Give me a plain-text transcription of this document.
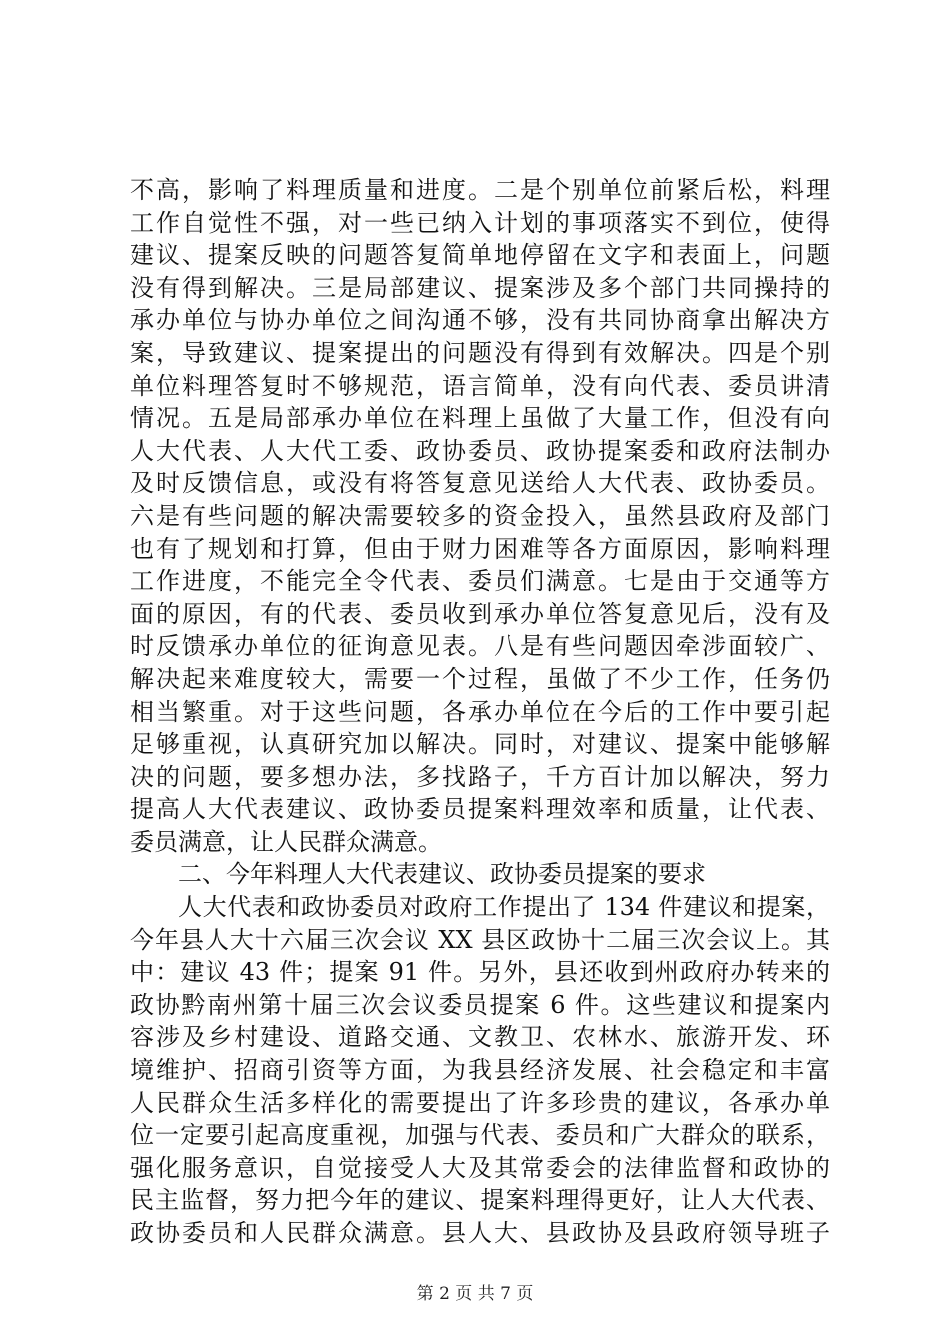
不高，影响了料理质量和进度。二是个别单位前紧后松，料理
工作自觉性不强，对一些已纳入计划的事项落实不到位，使得
建议、提案反映的问题答复简单地停留在文字和表面上，问题
没有得到解决。三是局部建议、提案涉及多个部门共同操持的
承办单位与协办单位之间沟通不够，没有共同协商拿出解决方
案，导致建议、提案提出的问题没有得到有效解决。四是个别
单位料理答复时不够规范，语言简单，没有向代表、委员讲清
情况。五是局部承办单位在料理上虽做了大量工作，但没有向
人大代表、人大代工委、政协委员、政协提案委和政府法制办
及时反馈信息，或没有将答复意见送给人大代表、政协委员。
六是有些问题的解决需要较多的资金投入，虽然县政府及部门
也有了规划和打算，但由于财力困难等各方面原因，影响料理
工作进度，不能完全令代表、委员们满意。七是由于交通等方
面的原因，有的代表、委员收到承办单位答复意见后，没有及
时反馈承办单位的征询意见表。八是有些问题因牵涉面较广、
解决起来难度较大，需要一个过程，虽做了不少工作，任务仍
相当繁重。对于这些问题，各承办单位在今后的工作中要引起
足够重视，认真研究加以解决。同时，对建议、提案中能够解
决的问题，要多想办法，多找路子，千方百计加以解决，努力
提高人大代表建议、政协委员提案料理效率和质量，让代表、
委员满意，让人民群众满意。
二、今年料理人大代表建议、政协委员提案的要求
人大代表和政协委员对政府工作提出了 134 件建议和提案，
今年县人大十六届三次会议 XX 县区政协十二届三次会议上。其
中：建议 43 件；提案 91 件。另外，县还收到州政府办转来的
政协黔南州第十届三次会议委员提案 6 件。这些建议和提案内
容涉及乡村建设、道路交通、文教卫、农林水、旅游开发、环
境维护、招商引资等方面，为我县经济发展、社会稳定和丰富
人民群众生活多样化的需要提出了许多珍贵的建议，各承办单
位一定要引起高度重视，加强与代表、委员和广大群众的联系，
强化服务意识，自觉接受人大及其常委会的法律监督和政协的
民主监督，努力把今年的建议、提案料理得更好，让人大代表、
政协委员和人民群众满意。县人大、县政协及县政府领导班子
第 2 页 共 7 页
